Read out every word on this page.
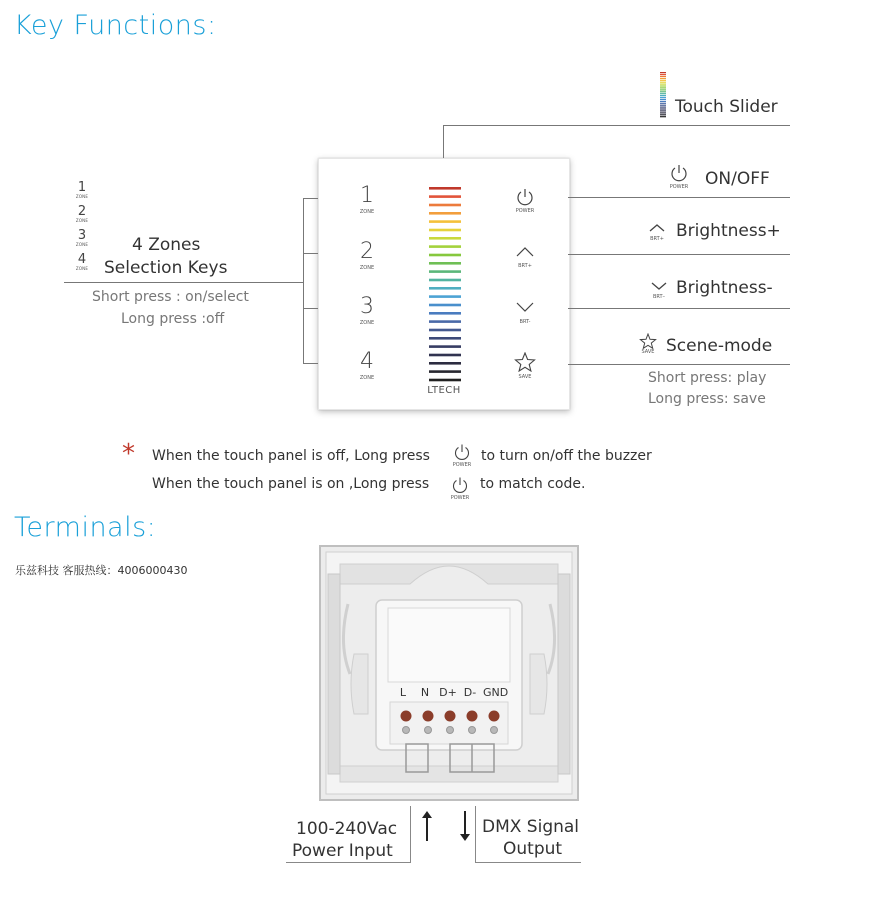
Key Functions:
Terminals:
1
ZONE
2
ZONE
3
ZONE
4
ZONE
LTECH
POWER
BRT+
BRT-
SAVE
1
ZONE
2
ZONE
3
ZONE
4
ZONE
4 Zones
Selection Keys
Short press : on/select
Long press :off
Touch Slider
POWER ON/OFF
BRT+ Brightness+
BRT– Brightness-
SAVE Scene-mode
Short press: play
Long press: save
* When the touch panel is off, Long press
POWER
to turn on/off the buzzer
When the touch panel is on ,Long press
POWER
to match code.
乐兹科技 客服热线：4006000430
L N D+ D- GND
100-240Vac
Power Input
DMX Signal
Output
